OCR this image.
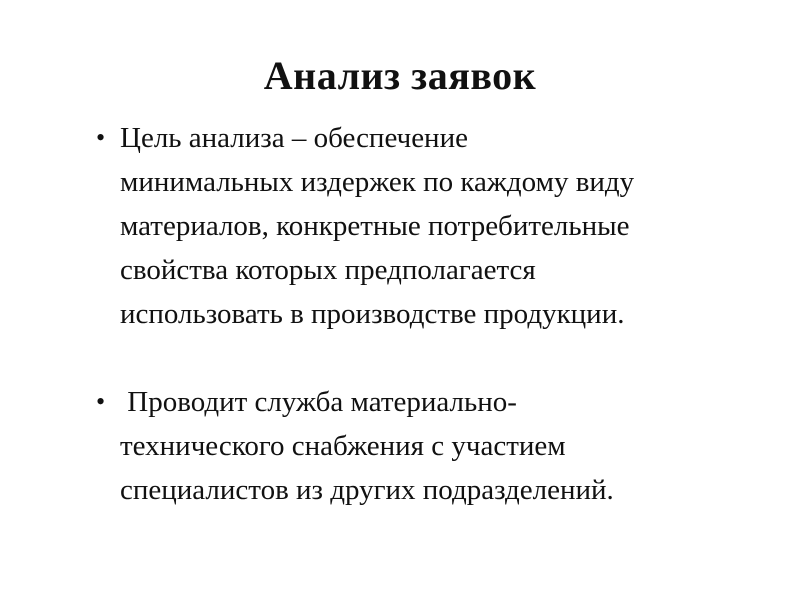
Анализ заявок
• Цель анализа – обеспечение
минимальных издержек по каждому виду
материалов, конкретные потребительные
свойства которых предполагается
использовать в производстве продукции.
• Проводит служба материально-
технического снабжения с участием
специалистов из других подразделений.
